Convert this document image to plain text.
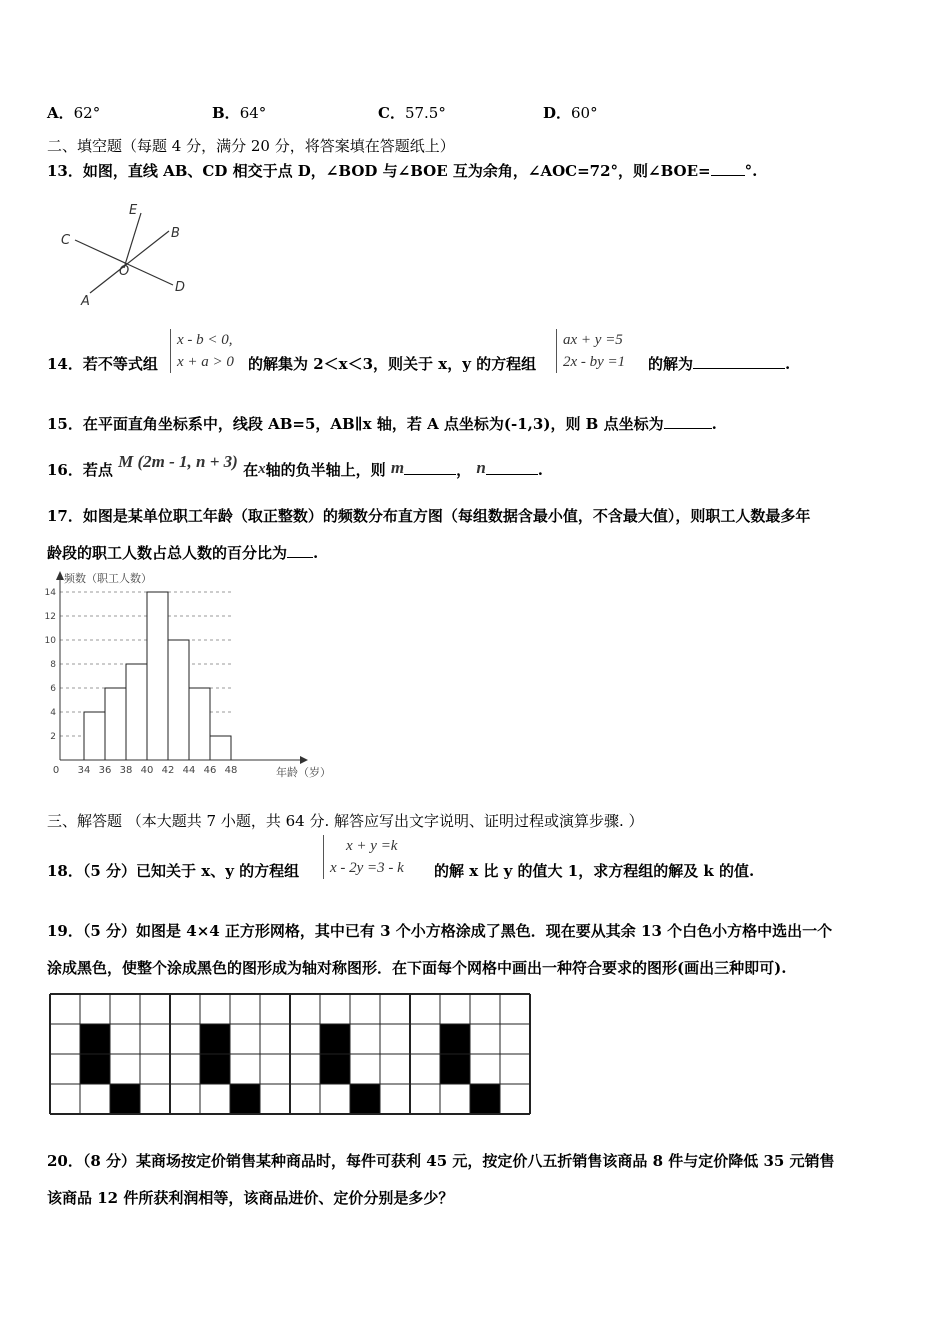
A．62°	B．64°	C．57.5°	D．60°
二、填空题（每题 4 分，满分 20 分，将答案填在答题纸上）
13．如图，直线 AB、CD 相交于点 D，∠BOD 与∠BOE 互为余角，∠AOC=72°，则∠BOE= °.
E
B
C
O
D
A
14．若不等式组
x - b < 0,
x + a > 0 的解集为 2＜x＜3，则关于 x，y 的方程组
ax + y =5
2x - by =1 的解为	.
15．在平面直角坐标系中，线段 AB=5，AB∥x 轴，若 A 点坐标为(-1,3)，则 B 点坐标为	.
16．若点 M (2m - 1, n + 3) 在x轴的负半轴上，则 m	， n	.
17．如图是某单位职工年龄（取正整数）的频数分布直方图（每组数据含最小值，不含最大值），则职工人数最多年
龄段的职工人数占总人数的百分比为 .
2
4
6
8
10
12
14
0 34 36 38 40 42 44 46 48
频数（职工人数）
年龄（岁）
三、解答题 （本大题共 7 小题，共 64 分. 解答应写出文字说明、证明过程或演算步骤. ）
18．（5 分）已知关于 x、y 的方程组
x + y =k
x - 2y =3 - k 的解 x 比 y 的值大 1，求方程组的解及 k 的值.
19．（5 分）如图是 4×4 正方形网格，其中已有 3 个小方格涂成了黑色．现在要从其余 13 个白色小方格中选出一个
涂成黑色，使整个涂成黑色的图形成为轴对称图形．在下面每个网格中画出一种符合要求的图形(画出三种即可).
20．（8 分）某商场按定价销售某种商品时，每件可获利 45 元，按定价八五折销售该商品 8 件与定价降低 35 元销售
该商品 12 件所获利润相等，该商品进价、定价分别是多少？
